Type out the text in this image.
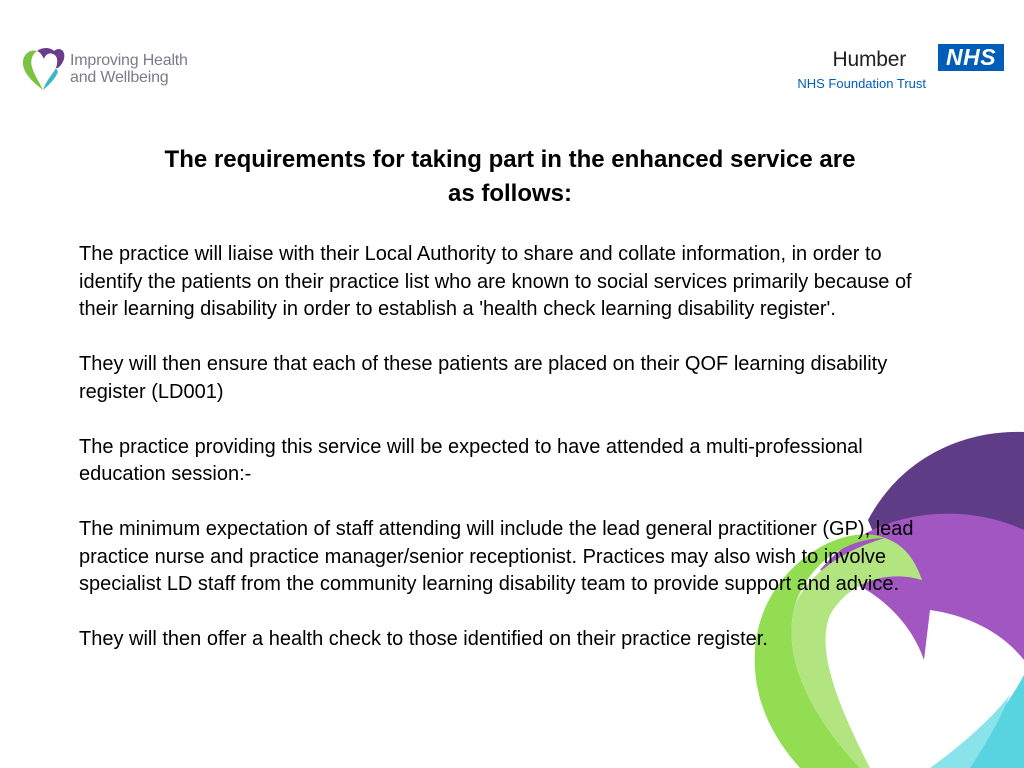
Improving Health
and Wellbeing
Humber	NHS
NHS Foundation Trust
The requirements for taking part in the enhanced service are as follows:

The practice will liaise with their Local Authority to share and collate information, in order to identify the patients on their practice list who are known to social services primarily because of their learning disability in order to establish a 'health check learning disability register'.

They will then ensure that each of these patients are placed on their QOF learning disability register (LD001)

The practice providing this service will be expected to have attended a multi-professional education session:-

The minimum expectation of staff attending will include the lead general practitioner (GP), lead practice nurse and practice manager/senior receptionist. Practices may also wish to involve specialist LD staff from the community learning disability team to provide support and advice.

They will then offer a health check to those identified on their practice register.
